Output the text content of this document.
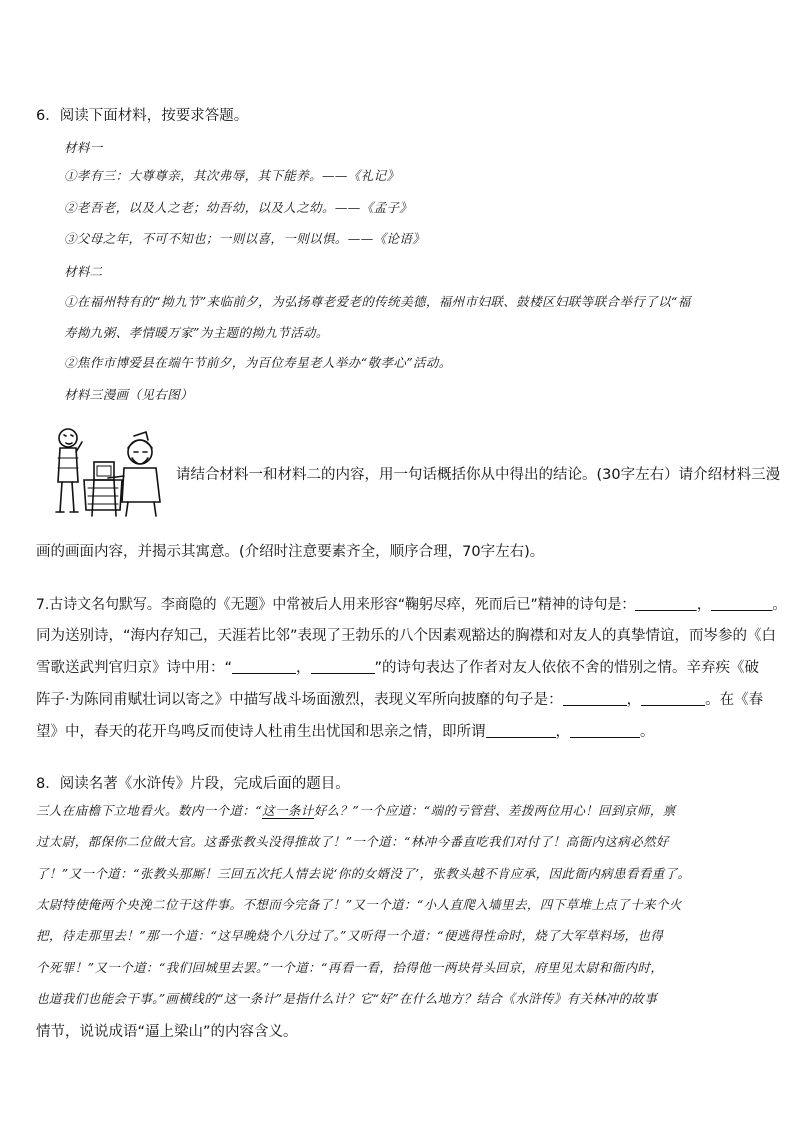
6．阅读下面材料，按要求答题。
材料一
①孝有三：大尊尊亲，其次弗辱，其下能养。——《礼记》
②老吾老，以及人之老；幼吾幼，以及人之幼。——《孟子》
③父母之年，不可不知也；一则以喜，一则以惧。——《论语》
材料二
①在福州特有的“拗九节”来临前夕，为弘扬尊老爱老的传统美德，福州市妇联、鼓楼区妇联等联合举行了以“福
寿拗九粥、孝情暖万家”为主题的拗九节活动。
②焦作市博爱县在端午节前夕，为百位寿星老人举办“敬孝心”活动。
材料三漫画（见右图）
请结合材料一和材料二的内容，用一句话概括你从中得出的结论。(30字左右）请介绍材料三漫
画的画面内容，并揭示其寓意。(介绍时注意要素齐全，顺序合理，70字左右)。
7.古诗文名句默写。李商隐的《无题》中常被后人用来形容“鞠躬尽瘁，死而后已”精神的诗句是：	，	。
同为送别诗，“海内存知己，天涯若比邻”表现了王勃乐的八个因素观豁达的胸襟和对友人的真挚情谊，而岑参的《白
雪歌送武判官归京》诗中用：“	，	”的诗句表达了作者对友人依依不舍的惜别之情。辛弃疾《破
阵子·为陈同甫赋壮词以寄之》中描写战斗场面激烈，表现义军所向披靡的句子是：	，	。在《春
望》中，春天的花开鸟鸣反而使诗人杜甫生出忧国和思亲之情，即所谓	，	。
8．阅读名著《水浒传》片段，完成后面的题目。
三人在庙檐下立地看火。数内一个道：“这一条计好么？”一个应道：“端的亏管营、差拨两位用心！回到京师，禀
过太尉，都保你二位做大官。这番张教头没得推故了！”一个道：“林冲今番直吃我们对付了！高衙内这病必然好
了！”又一个道：“张教头那厮！三回五次托人情去说‘你的女婿没了’，张教头越不肯应承，因此衙内病患看看重了。
太尉特使俺两个央浼二位干这件事。不想而今完备了！”又一个道：“小人直爬入墙里去，四下草堆上点了十来个火
把，待走那里去！”那一个道：“这早晚烧个八分过了。”又听得一个道：“便逃得性命时，烧了大军草料场，也得
个死罪！”又一个道：“我们回城里去罢。”一个道：“再看一看，拾得他一两块骨头回京，府里见太尉和衙内时，
也道我们也能会干事。”画横线的“这一条计”是指什么计？它“好”在什么地方？结合《水浒传》有关林冲的故事
情节，说说成语“逼上梁山”的内容含义。
